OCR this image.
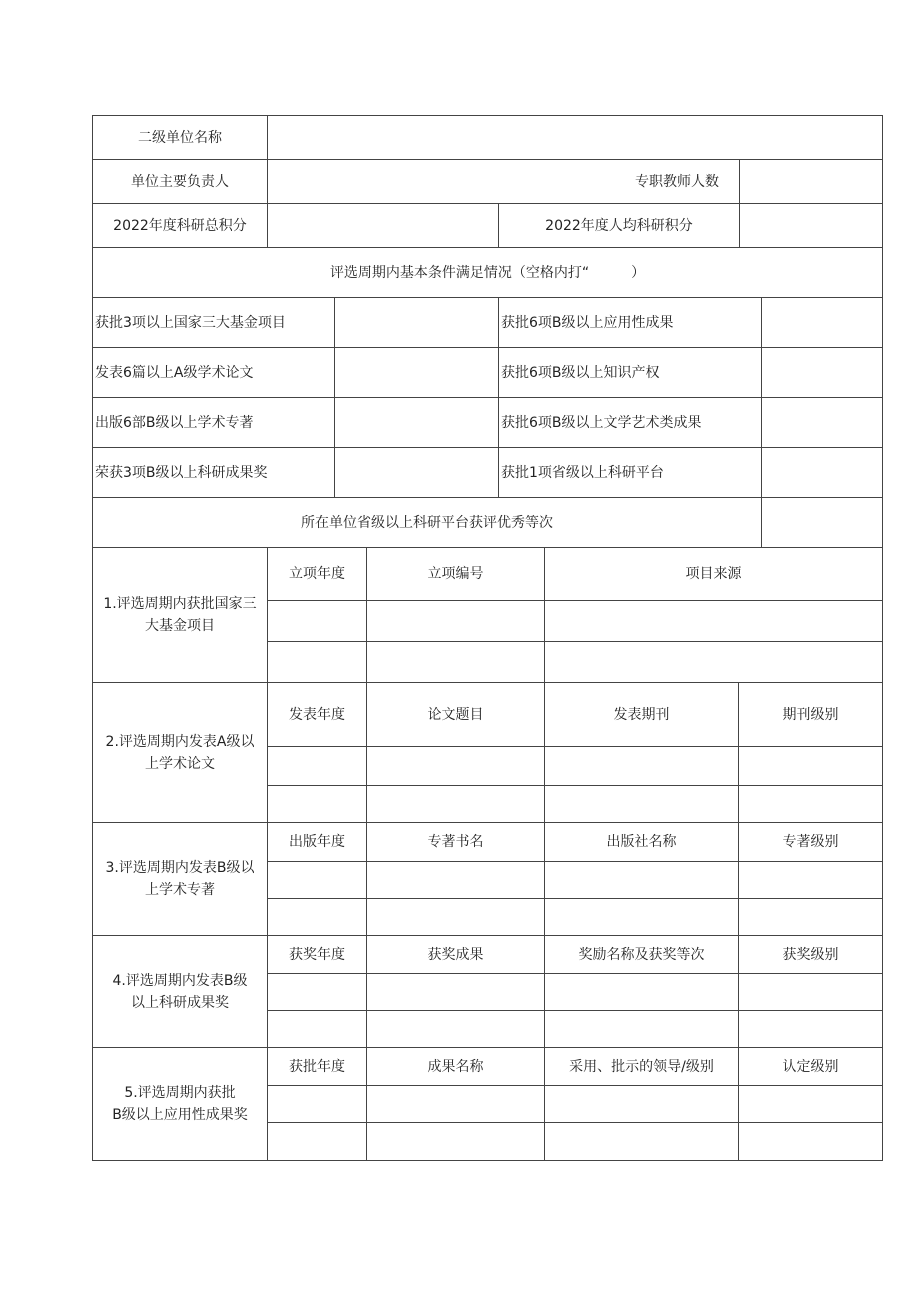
二级单位名称
单位主要负责人	专职教师人数
2022年度科研总积分	2022年度人均科研积分
评选周期内基本条件满足情况（空格内打“　　　）
获批3项以上国家三大基金项目	获批6项B级以上应用性成果
发表6篇以上A级学术论文	获批6项B级以上知识产权
出版6部B级以上学术专著	获批6项B级以上文学艺术类成果
荣获3项B级以上科研成果奖	获批1项省级以上科研平台
所在单位省级以上科研平台获评优秀等次
1.评选周期内获批国家三
大基金项目
立项年度	立项编号	项目来源
2.评选周期内发表A级以
上学术论文
发表年度	论文题目	发表期刊	期刊级别
3.评选周期内发表B级以
上学术专著
出版年度	专著书名	出版社名称	专著级别
4.评选周期内发表B级
以上科研成果奖
获奖年度	获奖成果	奖励名称及获奖等次	获奖级别
5.评选周期内获批
B级以上应用性成果奖
获批年度	成果名称	采用、批示的领导/级别	认定级别
